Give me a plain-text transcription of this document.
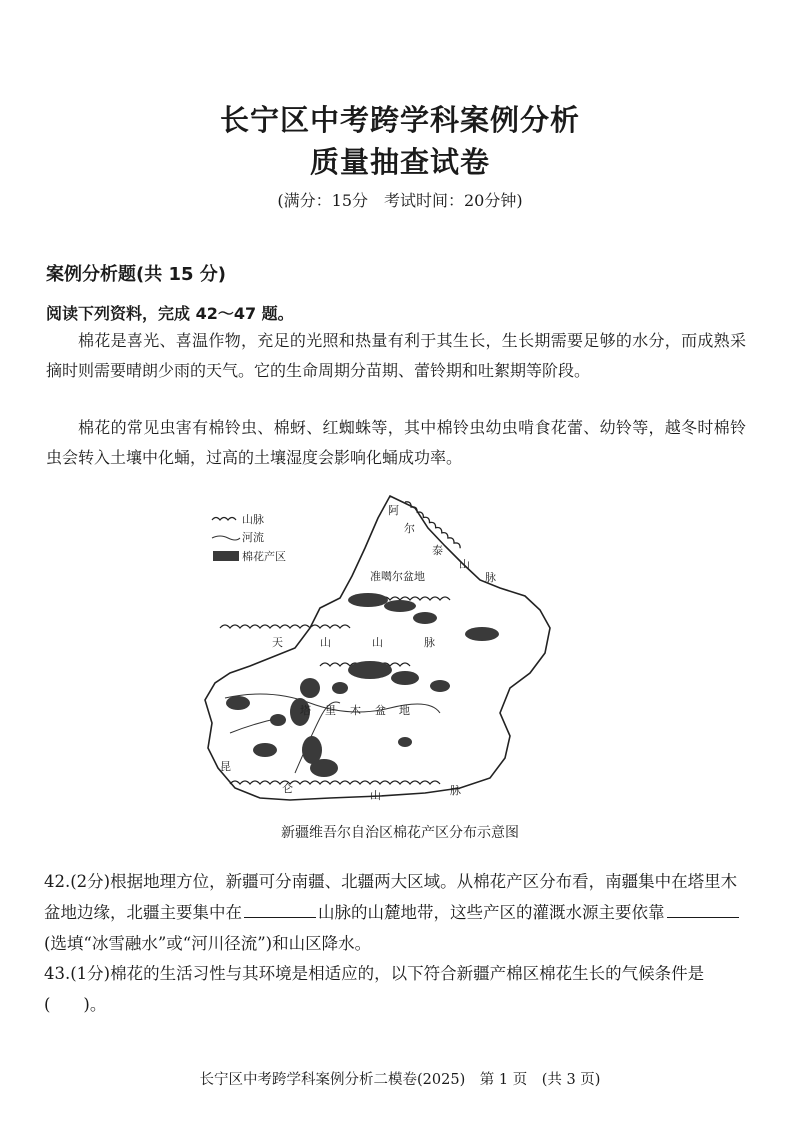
长宁区中考跨学科案例分析
质量抽查试卷
(满分：15分　考试时间：20分钟)
案例分析题(共 15 分)
阅读下列资料，完成 42～47 题。
棉花是喜光、喜温作物，充足的光照和热量有利于其生长，生长期需要足够的水分，而成熟采摘时则需要晴朗少雨的天气。它的生命周期分苗期、蕾铃期和吐絮期等阶段。
棉花的常见虫害有棉铃虫、棉蚜、红蜘蛛等，其中棉铃虫幼虫啃食花蕾、幼铃等，越冬时棉铃虫会转入土壤中化蛹，过高的土壤湿度会影响化蛹成功率。
山脉
河流
棉花产区
阿
尔
泰
山
脉
准噶尔盆地
天	山	山	脉
塔 里 木 盆 地
昆
仑
山	脉
新疆维吾尔自治区棉花产区分布示意图
42.(2分)根据地理方位，新疆可分南疆、北疆两大区域。从棉花产区分布看，南疆集中在塔里木盆地边缘，北疆主要集中在	山脉的山麓地带，这些产区的灌溉水源主要依靠(选填“冰雪融水”或“河川径流”)和山区降水。
43.(1分)棉花的生活习性与其环境是相适应的，以下符合新疆产棉区棉花生长的气候条件是(　　)。
长宁区中考跨学科案例分析二模卷(2025)　第 1 页　(共 3 页)
